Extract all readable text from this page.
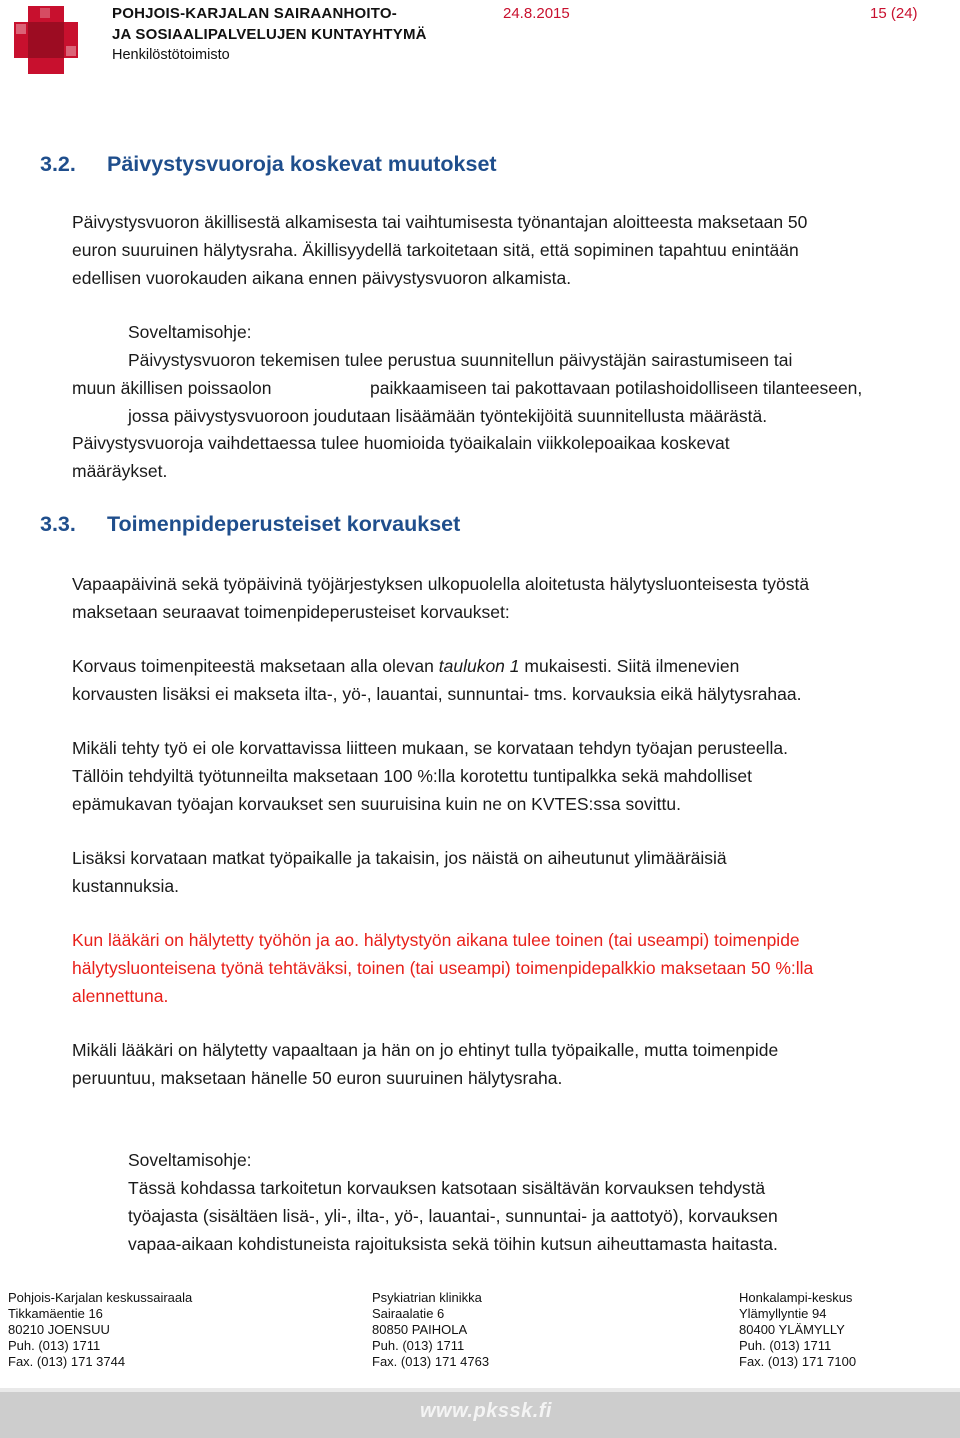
POHJOIS-KARJALAN SAIRAANHOITO-
JA SOSIAALIPALVELUJEN KUNTAYHTYMÄ
Henkilöstötoimisto
24.8.2015	15 (24)
3.2. Päivystysvuoroja koskevat muutokset
Päivystysvuoron äkillisestä alkamisesta tai vaihtumisesta työnantajan aloitteesta maksetaan 50
euron suuruinen hälytysraha. Äkillisyydellä tarkoitetaan sitä, että sopiminen tapahtuu enintään
edellisen vuorokauden aikana ennen päivystysvuoron alkamista.
Soveltamisohje:
Päivystysvuoron tekemisen tulee perustua suunnitellun päivystäjän sairastumiseen tai
muun äkillisen poissaolon	paikkaamiseen tai pakottavaan potilashoidolliseen tilanteeseen,
jossa päivystysvuoroon joudutaan lisäämään työntekijöitä suunnitellusta määrästä.
Päivystysvuoroja vaihdettaessa tulee huomioida työaikalain viikkolepoaikaa koskevat
määräykset.
3.3. Toimenpideperusteiset korvaukset
Vapaapäivinä sekä työpäivinä työjärjestyksen ulkopuolella aloitetusta hälytysluonteisesta työstä
maksetaan seuraavat toimenpideperusteiset korvaukset:
Korvaus toimenpiteestä maksetaan alla olevan taulukon 1 mukaisesti. Siitä ilmenevien
korvausten lisäksi ei makseta ilta-, yö-, lauantai, sunnuntai- tms. korvauksia eikä hälytysrahaa.
Mikäli tehty työ ei ole korvattavissa liitteen mukaan, se korvataan tehdyn työajan perusteella.
Tällöin tehdyiltä työtunneilta maksetaan 100 %:lla korotettu tuntipalkka sekä mahdolliset
epämukavan työajan korvaukset sen suuruisina kuin ne on KVTES:ssa sovittu.
Lisäksi korvataan matkat työpaikalle ja takaisin, jos näistä on aiheutunut ylimääräisiä
kustannuksia.
Kun lääkäri on hälytetty työhön ja ao. hälytystyön aikana tulee toinen (tai useampi) toimenpide
hälytysluonteisena työnä tehtäväksi, toinen (tai useampi) toimenpidepalkkio maksetaan 50 %:lla
alennettuna.
Mikäli lääkäri on hälytetty vapaaltaan ja hän on jo ehtinyt tulla työpaikalle, mutta toimenpide
peruuntuu, maksetaan hänelle 50 euron suuruinen hälytysraha.
Soveltamisohje:
Tässä kohdassa tarkoitetun korvauksen katsotaan sisältävän korvauksen tehdystä
työajasta (sisältäen lisä-, yli-, ilta-, yö-, lauantai-, sunnuntai- ja aattotyö), korvauksen
vapaa-aikaan kohdistuneista rajoituksista sekä töihin kutsun aiheuttamasta haitasta.
Pohjois-Karjalan keskussairaala
Tikkamäentie 16
80210 JOENSUU
Puh. (013) 1711
Fax. (013) 171 3744
Psykiatrian klinikka
Sairaalatie 6
80850 PAIHOLA
Puh. (013) 1711
Fax. (013) 171 4763
Honkalampi-keskus
Ylämyllyntie 94
80400 YLÄMYLLY
Puh. (013) 1711
Fax. (013) 171 7100
www.pkssk.fi
